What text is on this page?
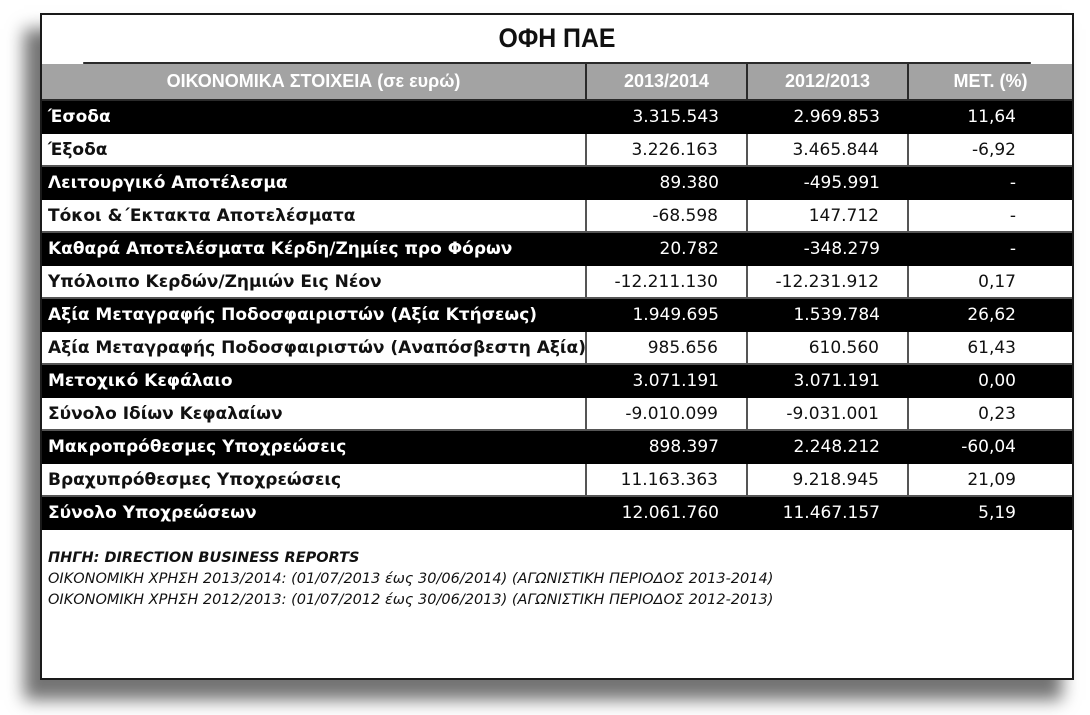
ΟΦΗ ΠΑΕ
ΟΙΚΟΝΟΜΙΚΑ ΣΤΟΙΧΕΙΑ (σε ευρώ)	2013/2014	2012/2013	ΜΕΤ. (%)
Έσοδα	3.315.543	2.969.853	11,64
Έξοδα	3.226.163	3.465.844	-6,92
Λειτουργικό Αποτέλεσμα	89.380	-495.991	-
Τόκοι &΄Εκτακτα Αποτελέσματα	-68.598	147.712	-
Καθαρά Αποτελέσματα Κέρδη/Ζημίες προ Φόρων	20.782	-348.279	-
Υπόλοιπο Κερδών/Ζημιών Εις Νέον	-12.211.130	-12.231.912	0,17
Αξία Μεταγραφής Ποδοσφαιριστών (Αξία Κτήσεως)	1.949.695	1.539.784	26,62
Αξία Μεταγραφής Ποδοσφαιριστών (Αναπόσβεστη Αξία)	985.656	610.560	61,43
Μετοχικό Κεφάλαιο	3.071.191	3.071.191	0,00
Σύνολο Ιδίων Κεφαλαίων	-9.010.099	-9.031.001	0,23
Μακροπρόθεσμες Υποχρεώσεις	898.397	2.248.212	-60,04
Βραχυπρόθεσμες Υποχρεώσεις	11.163.363	9.218.945	21,09
Σύνολο Υποχρεώσεων	12.061.760	11.467.157	5,19
ΠΗΓΗ: DIRECTION BUSINESS REPORTS
ΟΙΚΟΝΟΜΙΚΗ ΧΡΗΣΗ 2013/2014: (01/07/2013 έως 30/06/2014) (ΑΓΩΝΙΣΤΙΚΗ ΠΕΡΙΟΔΟΣ 2013-2014)
ΟΙΚΟΝΟΜΙΚΗ ΧΡΗΣΗ 2012/2013: (01/07/2012 έως 30/06/2013) (ΑΓΩΝΙΣΤΙΚΗ ΠΕΡΙΟΔΟΣ 2012-2013)
